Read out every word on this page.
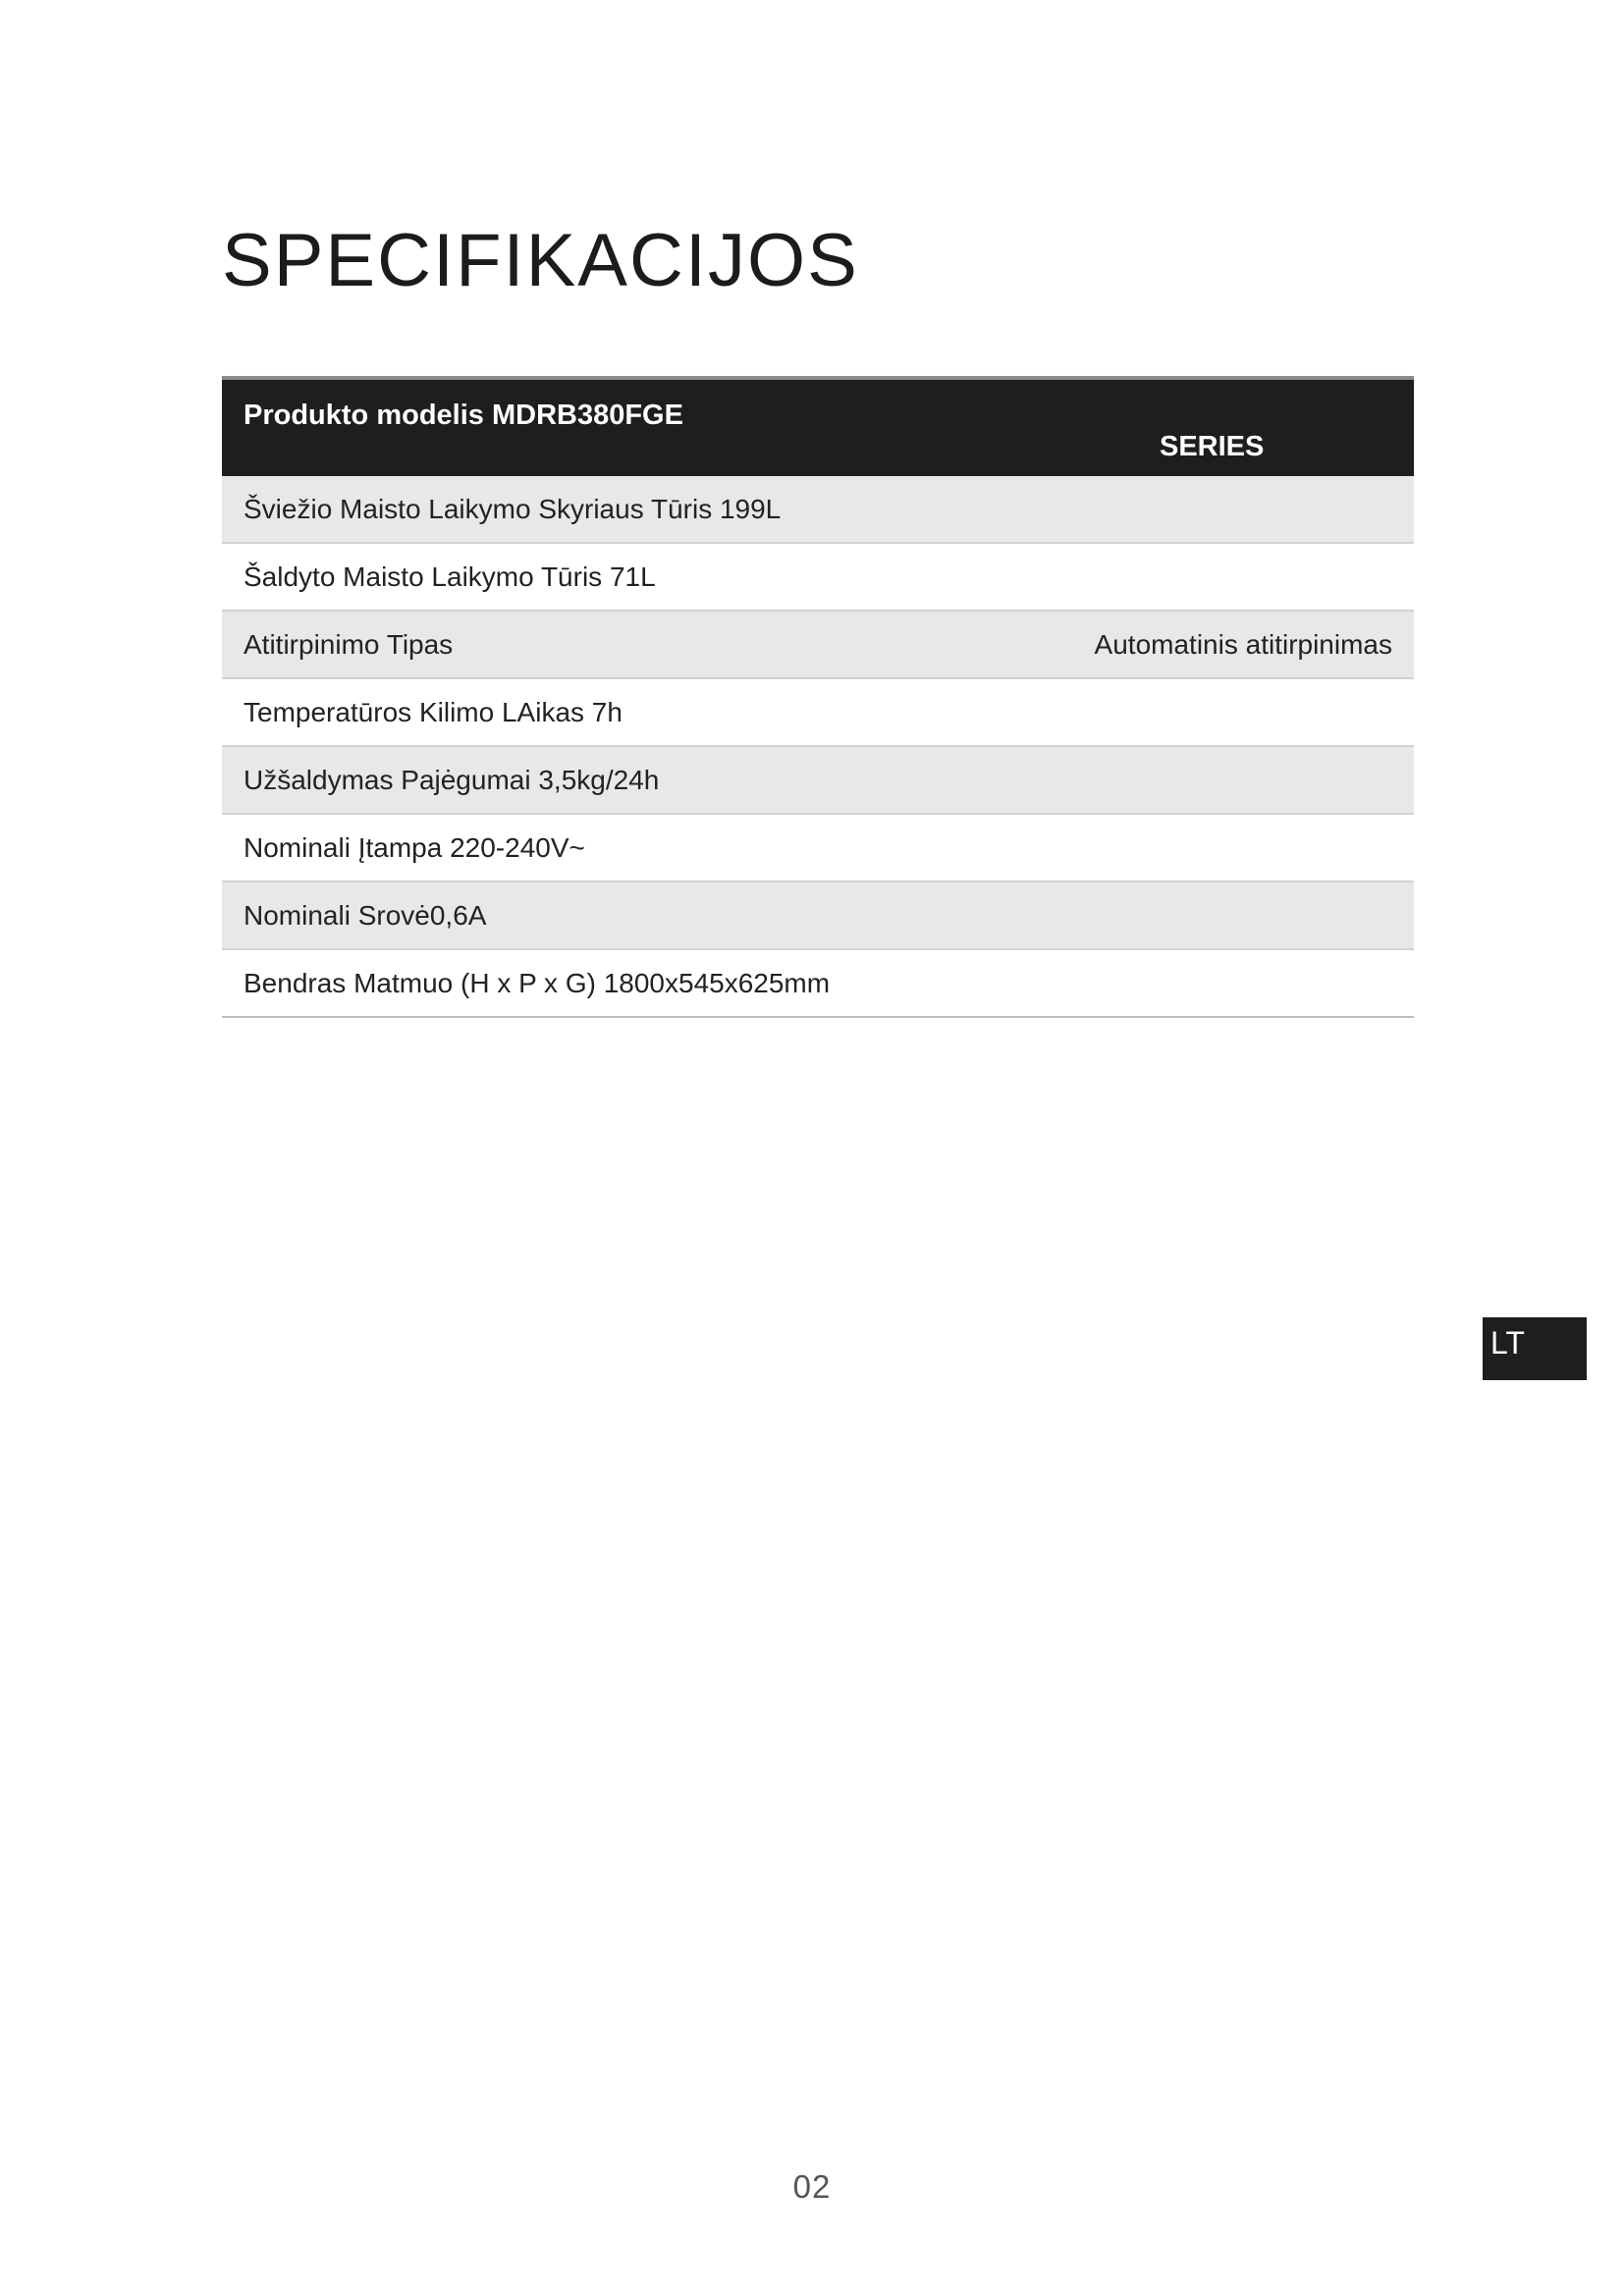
SPECIFIKACIJOS
Produkto modelis MDRB380FGE
SERIES
Šviežio Maisto Laikymo Skyriaus Tūris 199L
Šaldyto Maisto Laikymo Tūris 71L
Atitirpinimo Tipas	Automatinis atitirpinimas
Temperatūros Kilimo LAikas 7h
Užšaldymas Pajėgumai 3,5kg/24h
Nominali Įtampa 220-240V~
Nominali Srovė0,6A
Bendras Matmuo (H x P x G) 1800x545x625mm
LT
02
